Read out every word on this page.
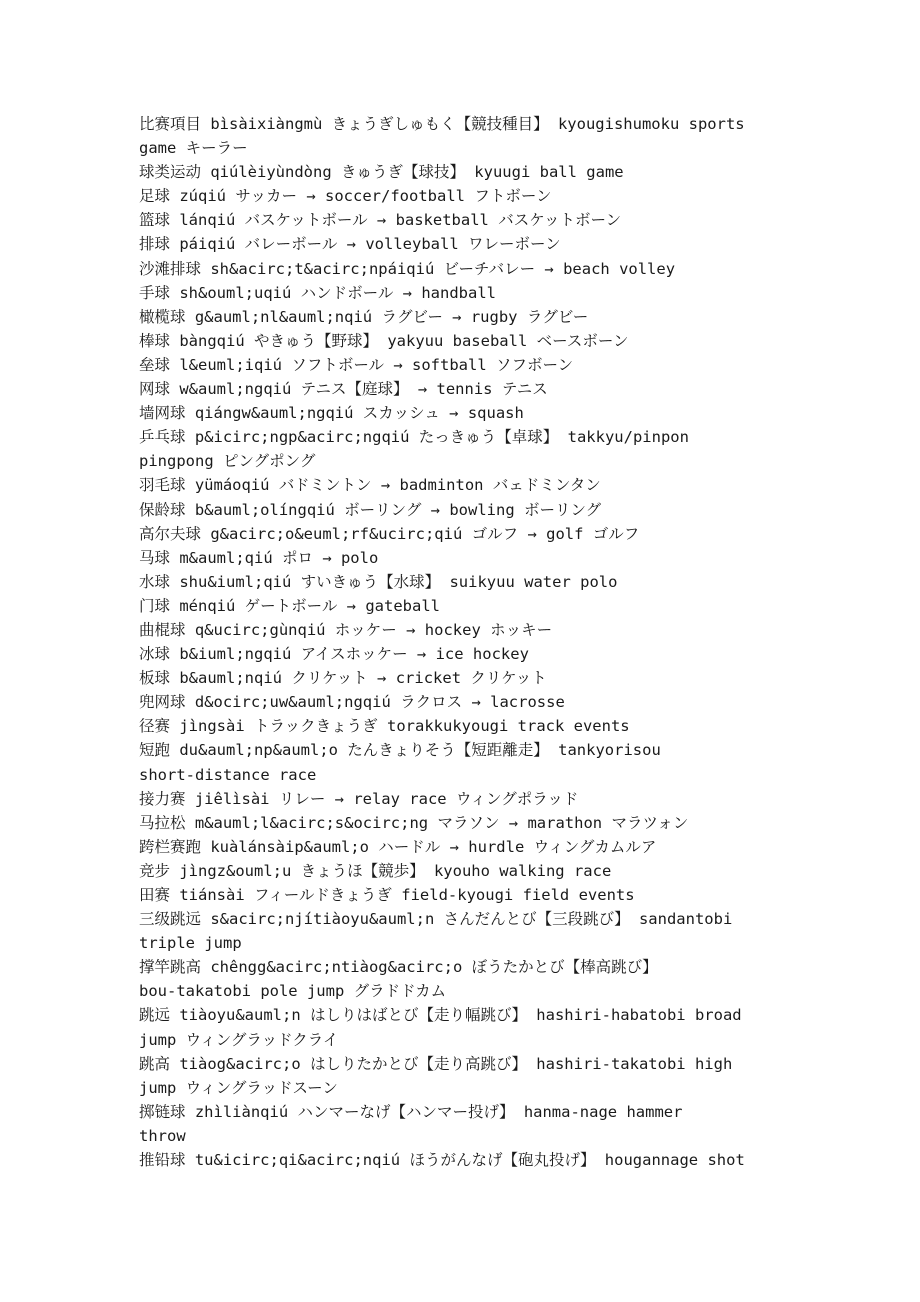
比赛項目 bìsàixiàngmù きょうぎしゅもく【競技種目】 kyougishumoku sports
game キーラー
球类运动 qiúlèiyùndòng きゅうぎ【球技】 kyuugi ball game
足球 zúqiú サッカー → soccer/football フトボーン
篮球 lánqiú バスケットボール → basketball バスケットボーン
排球 páiqiú バレーボール → volleyball ワレーボーン
沙滩排球 sh&acirc;t&acirc;npáiqiú ビーチバレー → beach volley
手球 sh&ouml;uqiú ハンドボール → handball
橄榄球 g&auml;nl&auml;nqiú ラグビー → rugby ラグビー
棒球 bàngqiú やきゅう【野球】 yakyuu baseball ベースボーン
垒球 l&euml;iqiú ソフトボール → softball ソフボーン
网球 w&auml;ngqiú テニス【庭球】 → tennis テニス
墙网球 qiángw&auml;ngqiú スカッシュ → squash
乒乓球 p&icirc;ngp&acirc;ngqiú たっきゅう【卓球】 takkyu/pinpon
pingpong ピングポング
羽毛球 yümáoqiú バドミントン → badminton バェドミンタン
保龄球 b&auml;olíngqiú ボーリング → bowling ボーリング
高尔夫球 g&acirc;o&euml;rf&ucirc;qiú ゴルフ → golf ゴルフ
马球 m&auml;qiú ポロ → polo
水球 shu&iuml;qiú すいきゅう【水球】 suikyuu water polo
门球 ménqiú ゲートボール → gateball
曲棍球 q&ucirc;gùnqiú ホッケー → hockey ホッキー
冰球 b&iuml;ngqiú アイスホッケー → ice hockey
板球 b&auml;nqiú クリケット → cricket クリケット
兜网球 d&ocirc;uw&auml;ngqiú ラクロス → lacrosse
径赛 jìngsài トラックきょうぎ torakkukyougi track events
短跑 du&auml;np&auml;o たんきょりそう【短距離走】 tankyorisou
short-distance race
接力赛 jiêlìsài リレー → relay race ウィングポラッド
马拉松 m&auml;l&acirc;s&ocirc;ng マラソン → marathon マラツォン
跨栏赛跑 kuàlánsàip&auml;o ハードル → hurdle ウィングカムルア
竞步 jìngz&ouml;u きょうほ【競歩】 kyouho walking race
田赛 tiánsài フィールドきょうぎ field-kyougi field events
三级跳远 s&acirc;njítiàoyu&auml;n さんだんとび【三段跳び】 sandantobi
triple jump
撑竿跳高 chêngg&acirc;ntiàog&acirc;o ぼうたかとび【棒高跳び】
bou-takatobi pole jump グラドドカム
跳远 tiàoyu&auml;n はしりはばとび【走り幅跳び】 hashiri-habatobi broad
jump ウィングラッドクライ
跳高 tiàog&acirc;o はしりたかとび【走り高跳び】 hashiri-takatobi high
jump ウィングラッドスーン
掷链球 zhìliànqiú ハンマーなげ【ハンマー投げ】 hanma-nage hammer
throw
推铅球 tu&icirc;qi&acirc;nqiú ほうがんなげ【砲丸投げ】 hougannage shot
